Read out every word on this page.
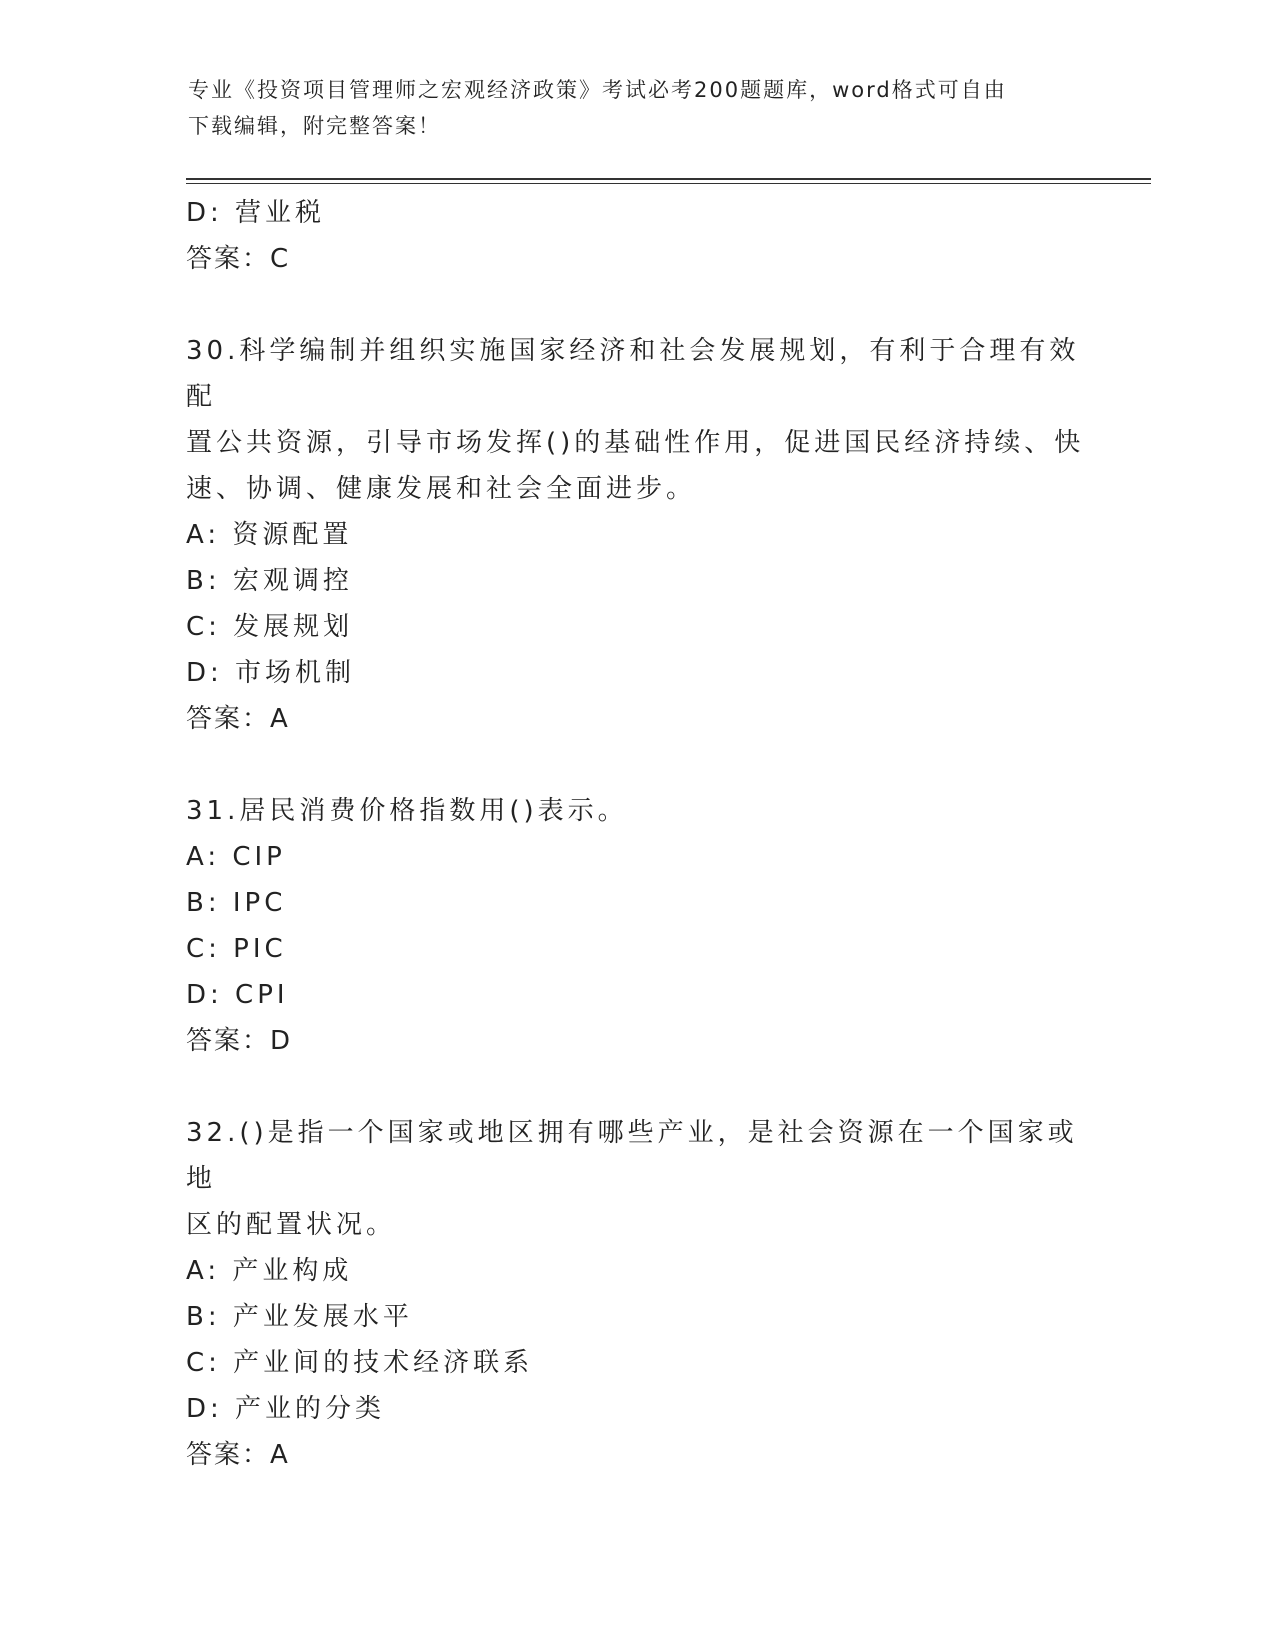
专业《投资项目管理师之宏观经济政策》考试必考200题题库，word格式可自由
下载编辑，附完整答案！
D: 营业税
答案：C
30.科学编制并组织实施国家经济和社会发展规划，有利于合理有效配
置公共资源，引导市场发挥()的基础性作用，促进国民经济持续、快
速、协调、健康发展和社会全面进步。
A: 资源配置
B: 宏观调控
C: 发展规划
D: 市场机制
答案：A
31.居民消费价格指数用()表示。
A: CIP
B: IPC
C: PIC
D: CPI
答案：D
32.()是指一个国家或地区拥有哪些产业，是社会资源在一个国家或地
区的配置状况。
A: 产业构成
B: 产业发展水平
C: 产业间的技术经济联系
D: 产业的分类
答案：A
